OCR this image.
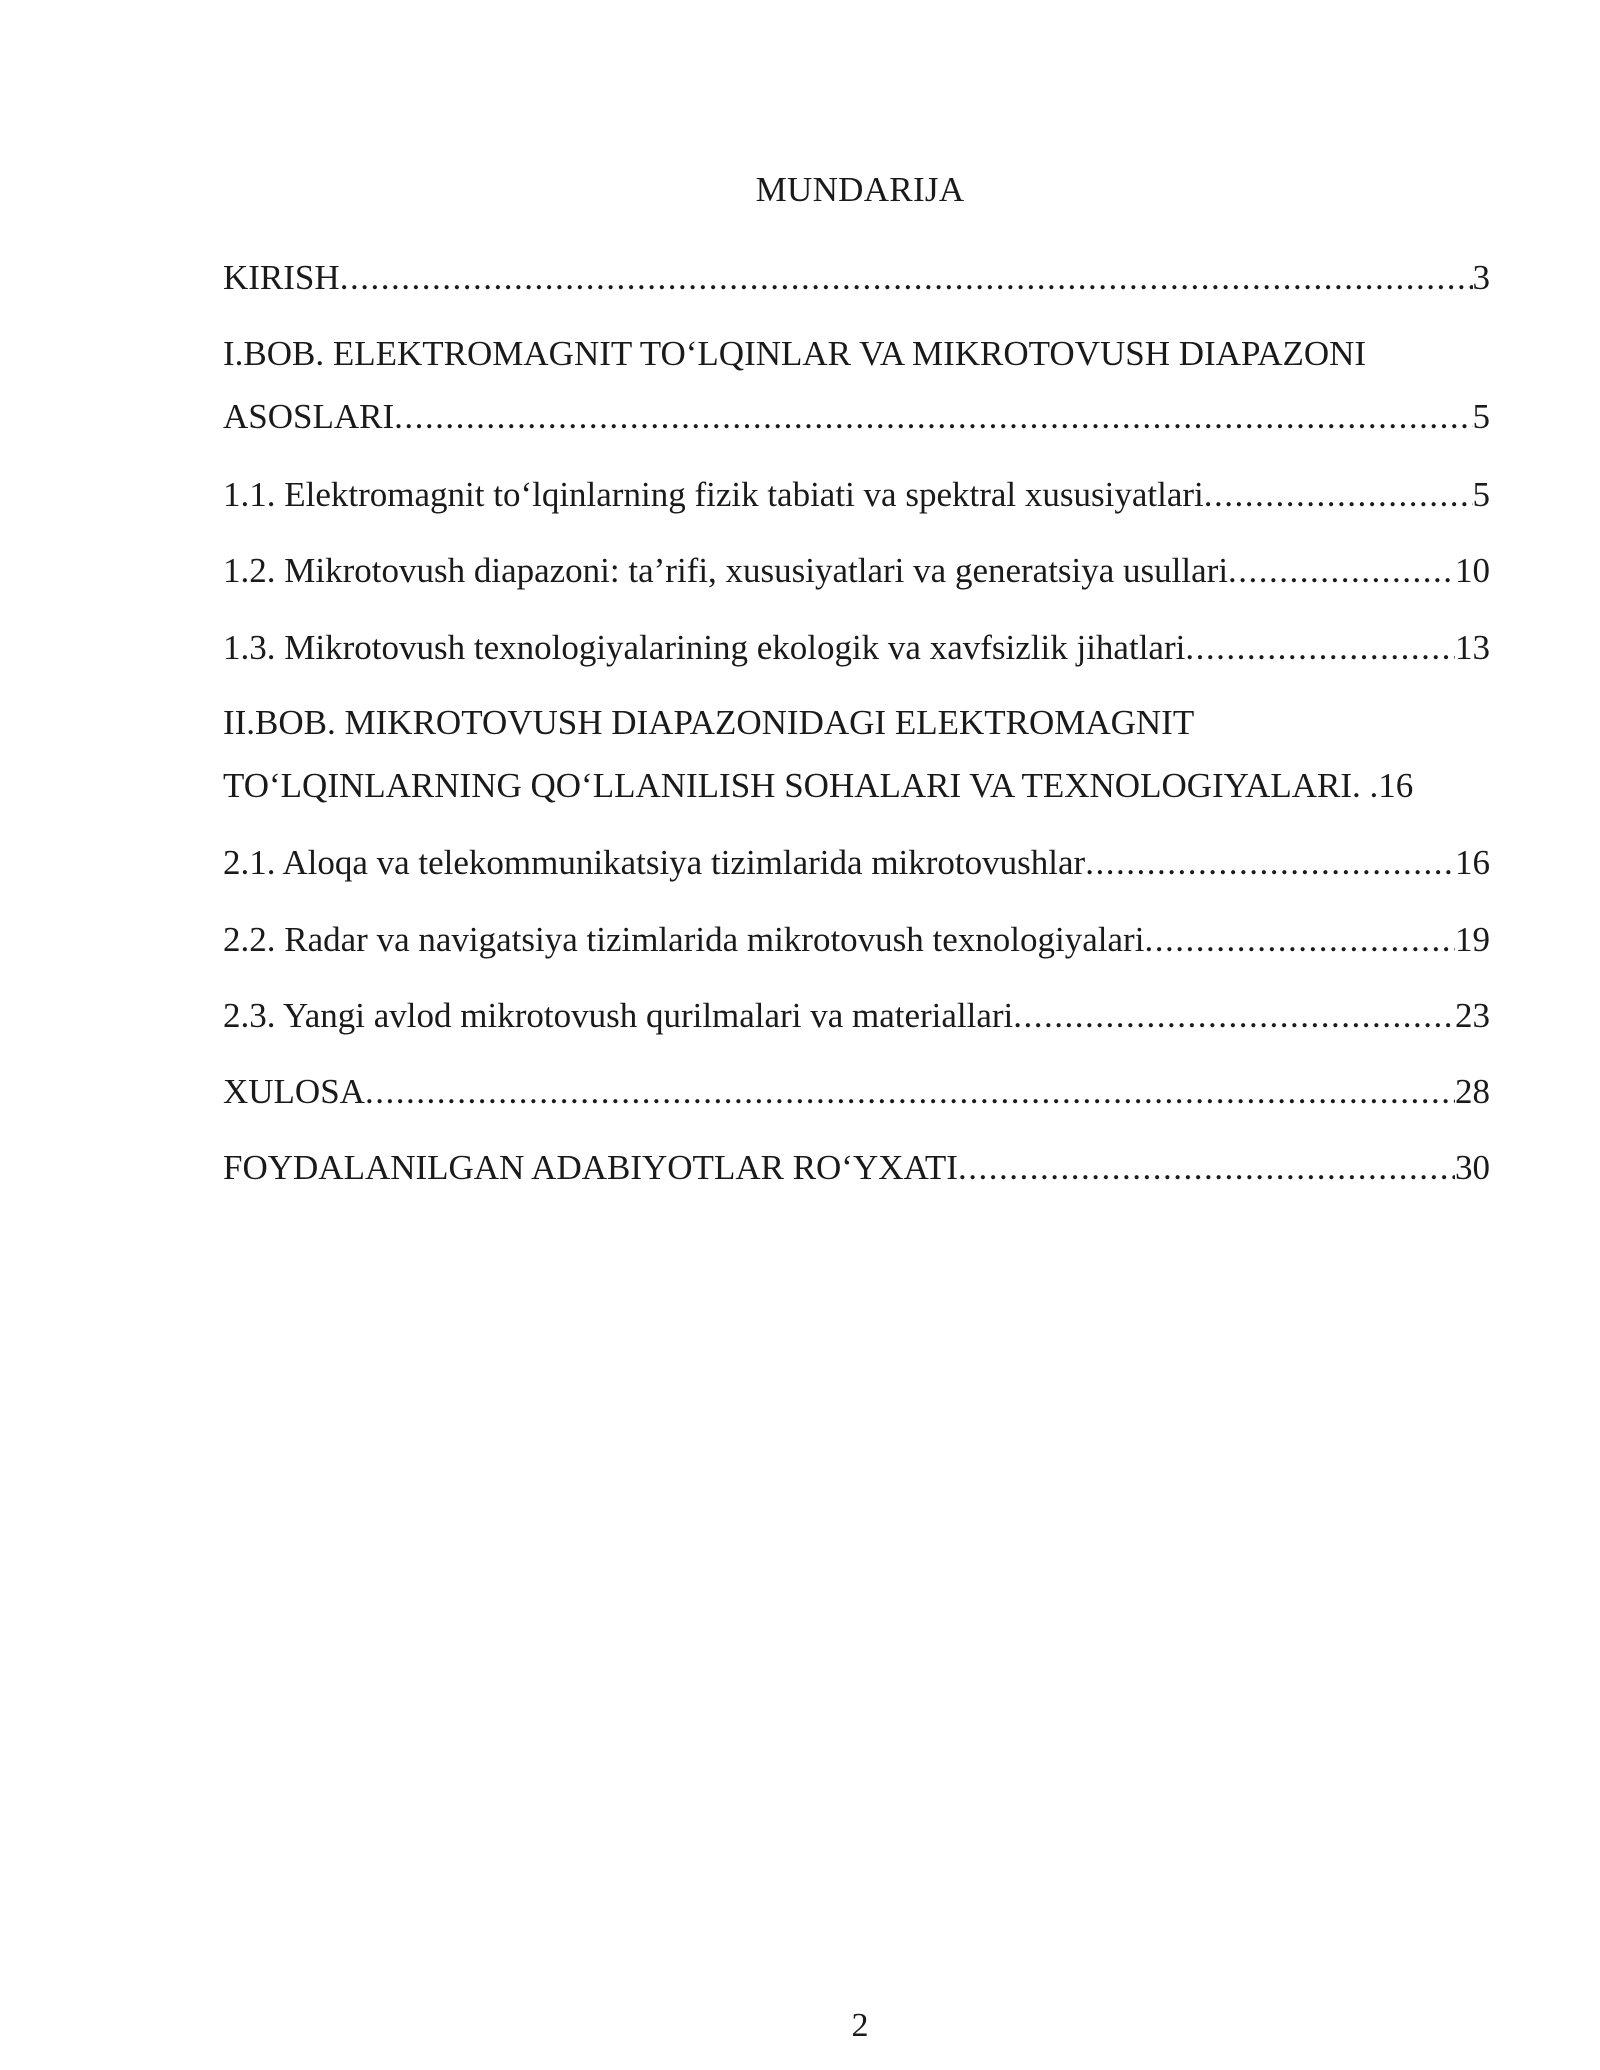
MUNDARIJA
KIRISH .....	3
I.BOB. ELEKTROMAGNIT TO‘LQINLAR VA MIKROTOVUSH DIAPAZONI
ASOSLARI .....	5
1.1. Elektromagnit to‘lqinlarning fizik tabiati va spektral xususiyatlari .....	5
1.2. Mikrotovush diapazoni: ta’rifi, xususiyatlari va generatsiya usullari .....	10
1.3. Mikrotovush texnologiyalarining ekologik va xavfsizlik jihatlari .....	13
II.BOB. MIKROTOVUSH DIAPAZONIDAGI ELEKTROMAGNIT
TO‘LQINLARNING QO‘LLANILISH SOHALARI VA TEXNOLOGIYALARI. . 16
2.1. Aloqa va telekommunikatsiya tizimlarida mikrotovushlar .....	16
2.2. Radar va navigatsiya tizimlarida mikrotovush texnologiyalari .....	19
2.3. Yangi avlod mikrotovush qurilmalari va materiallari .....	23
XULOSA .....	28
FOYDALANILGAN ADABIYOTLAR RO‘YXATI .....	30
2
